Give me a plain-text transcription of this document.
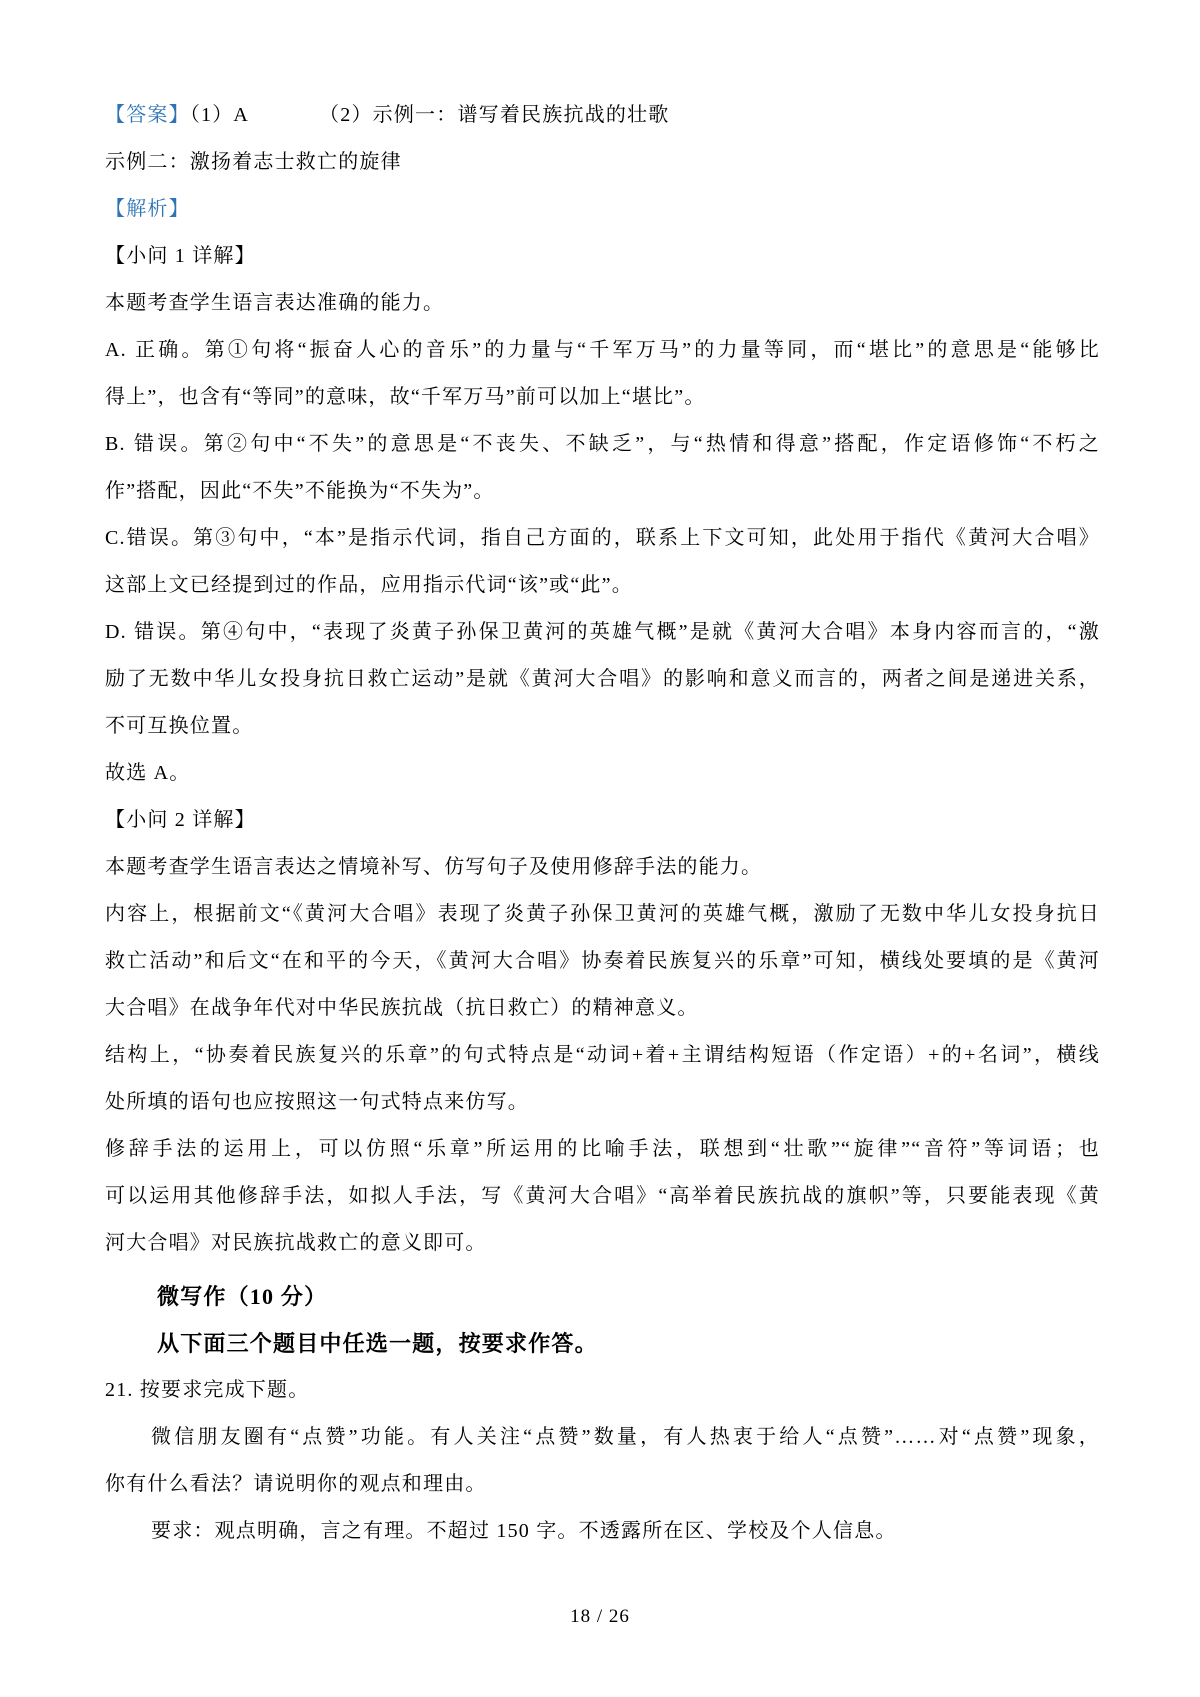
【答案】（1）A	（2）示例一：谱写着民族抗战的壮歌
示例二：激扬着志士救亡的旋律
【解析】
【小问 1 详解】
本题考查学生语言表达准确的能力。
A. 正确。第①句将“振奋人心的音乐”的力量与“千军万马”的力量等同，而“堪比”的意思是“能够比
得上”，也含有“等同”的意味，故“千军万马”前可以加上“堪比”。
B. 错误。第②句中“不失”的意思是“不丧失、不缺乏”，与“热情和得意”搭配，作定语修饰“不朽之
作”搭配，因此“不失”不能换为“不失为”。
C.错误。第③句中，“本”是指示代词，指自己方面的，联系上下文可知，此处用于指代《黄河大合唱》
这部上文已经提到过的作品，应用指示代词“该”或“此”。
D. 错误。第④句中，“表现了炎黄子孙保卫黄河的英雄气概”是就《黄河大合唱》本身内容而言的，“激
励了无数中华儿女投身抗日救亡运动”是就《黄河大合唱》的影响和意义而言的，两者之间是递进关系，
不可互换位置。
故选 A。
【小问 2 详解】
本题考查学生语言表达之情境补写、仿写句子及使用修辞手法的能力。
内容上，根据前文“《黄河大合唱》表现了炎黄子孙保卫黄河的英雄气概，激励了无数中华儿女投身抗日
救亡活动”和后文“在和平的今天，《黄河大合唱》协奏着民族复兴的乐章”可知，横线处要填的是《黄河
大合唱》在战争年代对中华民族抗战（抗日救亡）的精神意义。
结构上，“协奏着民族复兴的乐章”的句式特点是“动词+着+主谓结构短语（作定语）+的+名词”，横线
处所填的语句也应按照这一句式特点来仿写。
修辞手法的运用上，可以仿照“乐章”所运用的比喻手法，联想到“壮歌”“旋律”“音符”等词语；也
可以运用其他修辞手法，如拟人手法，写《黄河大合唱》“高举着民族抗战的旗帜”等，只要能表现《黄
河大合唱》对民族抗战救亡的意义即可。
微写作（10 分）
从下面三个题目中任选一题，按要求作答。
21. 按要求完成下题。
微信朋友圈有“点赞”功能。有人关注“点赞”数量，有人热衷于给人“点赞”……对“点赞”现象，
你有什么看法？请说明你的观点和理由。
要求：观点明确，言之有理。不超过 150 字。不透露所在区、学校及个人信息。
18 / 26
